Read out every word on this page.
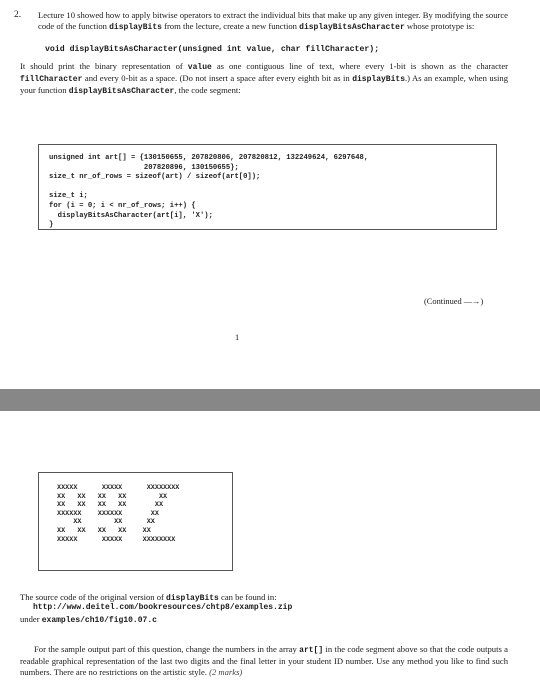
2. Lecture 10 showed how to apply bitwise operators to extract the individual bits that make up any given integer. By modifying the source code of the function displayBits from the lecture, create a new function displayBitsAsCharacter whose prototype is:
void displayBitsAsCharacter(unsigned int value, char fillCharacter);
It should print the binary representation of value as one contiguous line of text, where every 1-bit is shown as the character fillCharacter and every 0-bit as a space. (Do not insert a space after every eighth bit as in displayBits.) As an example, when using your function displayBitsAsCharacter, the code segment:
unsigned int art[] = {130150655, 207820806, 207820812, 132249624, 6297648,
207820896, 130150655};
size_t nr_of_rows = sizeof(art) / sizeof(art[0]);

size_t i;
for (i = 0; i < nr_of_rows; i++) {
displayBitsAsCharacter(art[i], 'X');
}
(Continued —→)
1
XXXXX      XXXXX      XXXXXXXX
XX   XX   XX   XX        XX
XX   XX   XX   XX       XX
XXXXXX    XXXXXX       XX
XX        XX      XX
XX   XX   XX   XX    XX
XXXXX      XXXXX     XXXXXXXX
The source code of the original version of displayBits can be found in:
http://www.deitel.com/bookresources/chtp8/examples.zip
under examples/ch10/fig10.07.c
For the sample output part of this question, change the numbers in the array art[] in the code segment above so that the code outputs a readable graphical representation of the last two digits and the final letter in your student ID number. Use any method you like to find such numbers. There are no restrictions on the artistic style. (2 marks)
